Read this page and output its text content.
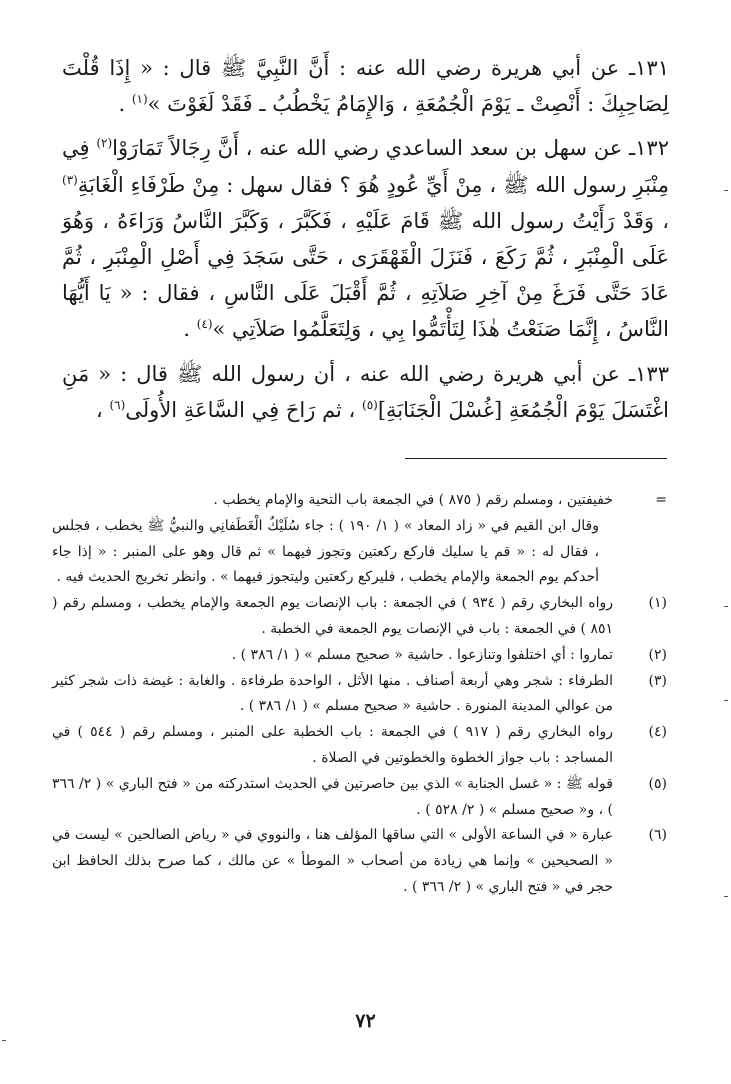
١٣١ـ عن أبي هريرة رضي الله عنه : أَنَّ النَّبِيَّ ﷺ قال : « إِذَا قُلْتَ لِصَاحِبِكَ : أَنْصِتْ ـ يَوْمَ الْجُمُعَةِ ، وَالإِمَامُ يَخْطُبُ ـ فَقَدْ لَغَوْتَ »$^{(١)}$ .

١٣٢ـ عن سهل بن سعد الساعدي رضي الله عنه ، أَنَّ رِجَالاً تَمَارَوْا$^{(٢)}$ فِي مِنْبَرِ رسول الله ﷺ ، مِنْ أَيِّ عُودٍ هُوَ ؟ فقال سهل : مِنْ طَرْفَاءِ الْغَابَةِ$^{(٣)}$ ، وَقَدْ رَأَيْتُ رسول الله ﷺ قَامَ عَلَيْهِ ، فَكَبَّرَ ، وَكَبَّرَ النَّاسُ وَرَاءَهُ ، وَهُوَ عَلَى الْمِنْبَرِ ، ثُمَّ رَكَعَ ، فَنَزَلَ الْقَهْقَرَى ، حَتَّى سَجَدَ فِي أَصْلِ الْمِنْبَرِ ، ثُمَّ عَادَ حَتَّى فَرَغَ مِنْ آخِرِ صَلاَتِهِ ، ثُمَّ أَقْبَلَ عَلَى النَّاسِ ، فقال : « يَا أَيُّهَا النَّاسُ ، إِنَّمَا صَنَعْتُ هٰذَا لِتَأْتَمُّوا بِي ، وَلِتَعَلَّمُوا صَلاَتِي »$^{(٤)}$ .

١٣٣ـ عن أبي هريرة رضي الله عنه ، أن رسول الله ﷺ قال : « مَنِ اغْتَسَلَ يَوْمَ الْجُمُعَةِ [غُسْلَ الْجَنَابَةِ]$^{(٥)}$ ، ثم رَاحَ فِي السَّاعَةِ الأُولَى$^{(٦)}$ ،

=
خفيفتين ، ومسلم رقم ( ٨٧٥ ) في الجمعة باب التحية والإمام يخطب .
وقال ابن القيم في « زاد المعاد » ( ١/ ١٩٠ ) : جاء سُلَيْكٌ الْغَطَفانِي والنبيُّ ﷺ يخطب ، فجلس ، فقال له : « قم يا سليك فاركع ركعتين وتجوز فيهما » ثم قال وهو على المنبر : « إذا جاء أحدكم يوم الجمعة والإمام يخطب ، فليركع ركعتين وليتجوز فيهما » . وانظر تخريج الحديث فيه .
(١)
رواه البخاري رقم ( ٩٣٤ ) في الجمعة : باب الإنصات يوم الجمعة والإمام يخطب ، ومسلم رقم ( ٨٥١ ) في الجمعة : باب في الإنصات يوم الجمعة في الخطبة .
(٢)
تماروا : أي اختلفوا وتنازعوا . حاشية « صحيح مسلم » ( ١/ ٣٨٦ ) .
(٣)
الطرفاء : شجر وهي أربعة أصناف . منها الأثل ، الواحدة طرفاءة . والغابة : غيضة ذات شجر كثير من عوالي المدينة المنورة . حاشية « صحيح مسلم » ( ١/ ٣٨٦ ) .
(٤)
رواه البخاري رقم ( ٩١٧ ) في الجمعة : باب الخطبة على المنبر ، ومسلم رقم ( ٥٤٤ ) في المساجد : باب جواز الخطوة والخطوتين في الصلاة .
(٥)
قوله ﷺ : « غسل الجنابة » الذي بين حاصرتين في الحديث استدركته من « فتح الباري » ( ٢/ ٣٦٦ ) ، و« صحيح مسلم » ( ٢/ ٥٢٨ ) .
(٦)
عبارة « في الساعة الأولى » التي ساقها المؤلف هنا ، والنووي في « رياض الصالحين » ليست في « الصحيحين » وإنما هي زيادة من أصحاب « الموطأ » عن مالك ، كما صرح بذلك الحافظ ابن حجر في « فتح الباري » ( ٢/ ٣٦٦ ) .
٧٢
